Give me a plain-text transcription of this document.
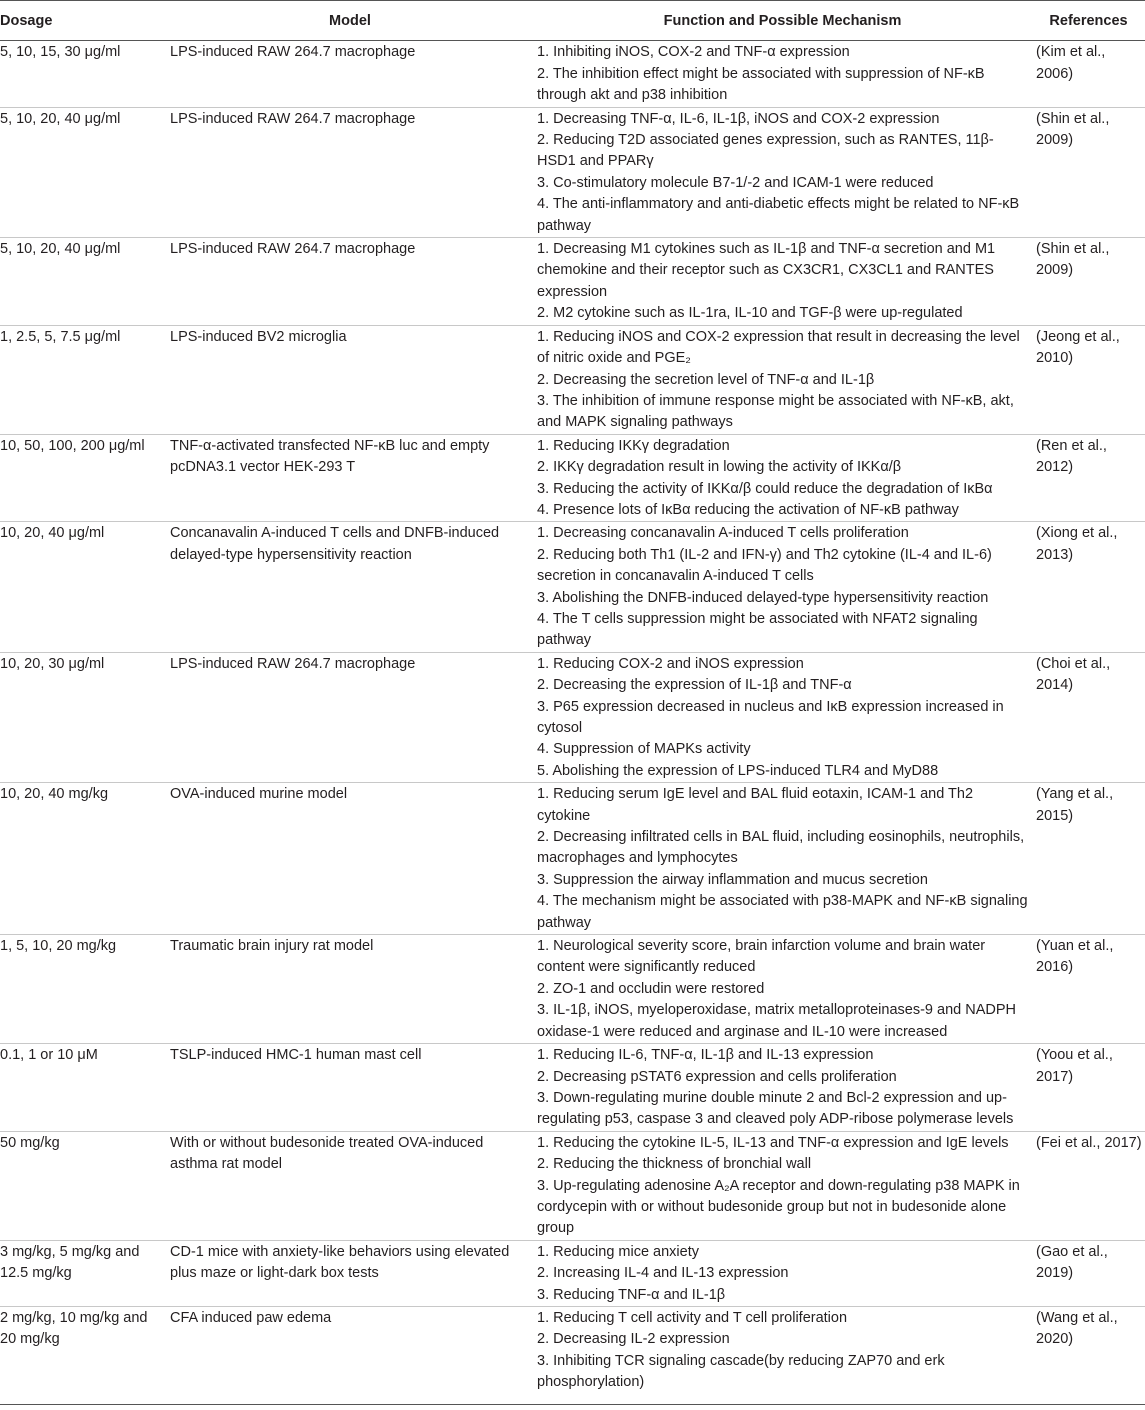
Dosage	Model	Function and Possible Mechanism	References

5, 10, 15, 30 μg/ml	LPS-induced RAW 264.7 macrophage	1. Inhibiting iNOS, COX-2 and TNF-α expression
2. The inhibition effect might be associated with suppression of NF-κB through akt and p38 inhibition	(Kim et al., 2006)

5, 10, 20, 40 μg/ml	LPS-induced RAW 264.7 macrophage	1. Decreasing TNF-α, IL-6, IL-1β, iNOS and COX-2 expression
2. Reducing T2D associated genes expression, such as RANTES, 11β-HSD1 and PPARγ
3. Co-stimulatory molecule B7-1/-2 and ICAM-1 were reduced
4. The anti-inflammatory and anti-diabetic effects might be related to NF-κB pathway	(Shin et al., 2009)

5, 10, 20, 40 μg/ml	LPS-induced RAW 264.7 macrophage	1. Decreasing M1 cytokines such as IL-1β and TNF-α secretion and M1 chemokine and their receptor such as CX3CR1, CX3CL1 and RANTES expression
2. M2 cytokine such as IL-1ra, IL-10 and TGF-β were up-regulated	(Shin et al., 2009)

1, 2.5, 5, 7.5 μg/ml	LPS-induced BV2 microglia	1. Reducing iNOS and COX-2 expression that result in decreasing the level of nitric oxide and PGE₂
2. Decreasing the secretion level of TNF-α and IL-1β
3. The inhibition of immune response might be associated with NF-κB, akt, and MAPK signaling pathways	(Jeong et al., 2010)

10, 50, 100, 200 μg/ml	TNF-α-activated transfected NF-κB luc and empty pcDNA3.1 vector HEK-293 T	1. Reducing IKKγ degradation
2. IKKγ degradation result in lowing the activity of IKKα/β
3. Reducing the activity of IKKα/β could reduce the degradation of IκBα
4. Presence lots of IκBα reducing the activation of NF-κB pathway	(Ren et al., 2012)

10, 20, 40 μg/ml	Concanavalin A-induced T cells and DNFB-induced delayed-type hypersensitivity reaction	1. Decreasing concanavalin A-induced T cells proliferation
2. Reducing both Th1 (IL-2 and IFN-γ) and Th2 cytokine (IL-4 and IL-6) secretion in concanavalin A-induced T cells
3. Abolishing the DNFB-induced delayed-type hypersensitivity reaction
4. The T cells suppression might be associated with NFAT2 signaling pathway	(Xiong et al., 2013)

10, 20, 30 μg/ml	LPS-induced RAW 264.7 macrophage	1. Reducing COX-2 and iNOS expression
2. Decreasing the expression of IL-1β and TNF-α
3. P65 expression decreased in nucleus and IκB expression increased in cytosol
4. Suppression of MAPKs activity
5. Abolishing the expression of LPS-induced TLR4 and MyD88	(Choi et al., 2014)

10, 20, 40 mg/kg	OVA-induced murine model	1. Reducing serum IgE level and BAL fluid eotaxin, ICAM-1 and Th2 cytokine
2. Decreasing infiltrated cells in BAL fluid, including eosinophils, neutrophils, macrophages and lymphocytes
3. Suppression the airway inflammation and mucus secretion
4. The mechanism might be associated with p38-MAPK and NF-κB signaling pathway	(Yang et al., 2015)

1, 5, 10, 20 mg/kg	Traumatic brain injury rat model	1. Neurological severity score, brain infarction volume and brain water content were significantly reduced
2. ZO-1 and occludin were restored
3. IL-1β, iNOS, myeloperoxidase, matrix metalloproteinases-9 and NADPH oxidase-1 were reduced and arginase and IL-10 were increased	(Yuan et al., 2016)

0.1, 1 or 10 μM	TSLP-induced HMC-1 human mast cell	1. Reducing IL-6, TNF-α, IL-1β and IL-13 expression
2. Decreasing pSTAT6 expression and cells proliferation
3. Down-regulating murine double minute 2 and Bcl-2 expression and up-regulating p53, caspase 3 and cleaved poly ADP-ribose polymerase levels	(Yoou et al., 2017)

50 mg/kg	With or without budesonide treated OVA-induced asthma rat model	1. Reducing the cytokine IL-5, IL-13 and TNF-α expression and IgE levels
2. Reducing the thickness of bronchial wall
3. Up-regulating adenosine A₂A receptor and down-regulating p38 MAPK in cordycepin with or without budesonide group but not in budesonide alone group	(Fei et al., 2017)

3 mg/kg, 5 mg/kg and 12.5 mg/kg	CD-1 mice with anxiety-like behaviors using elevated plus maze or light-dark box tests	1. Reducing mice anxiety
2. Increasing IL-4 and IL-13 expression
3. Reducing TNF-α and IL-1β	(Gao et al., 2019)

2 mg/kg, 10 mg/kg and 20 mg/kg	CFA induced paw edema	1. Reducing T cell activity and T cell proliferation
2. Decreasing IL-2 expression
3. Inhibiting TCR signaling cascade(by reducing ZAP70 and erk phosphorylation)	(Wang et al., 2020)
